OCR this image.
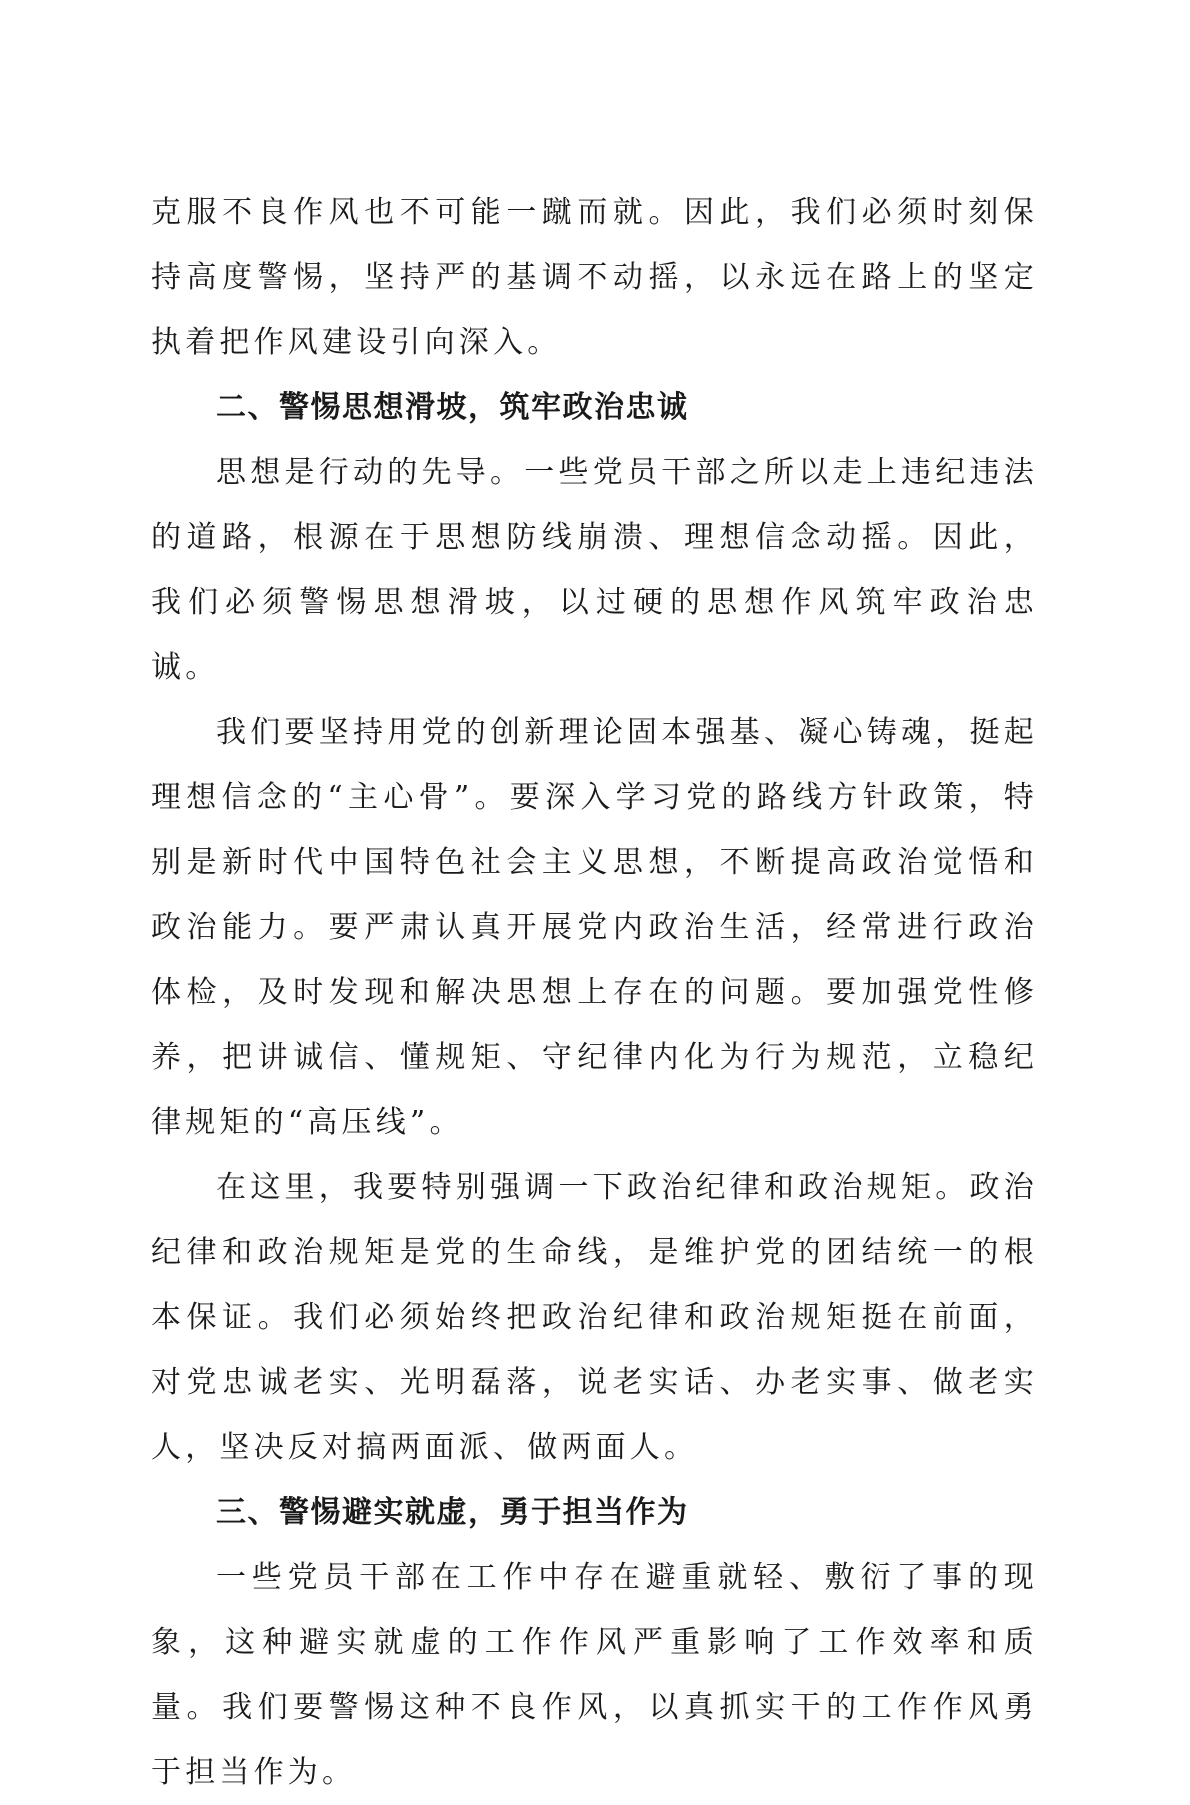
克服不良作风也不可能一蹴而就。因此，我们必须时刻保持高度警惕，坚持严的基调不动摇，以永远在路上的坚定执着把作风建设引向深入。

二、警惕思想滑坡，筑牢政治忠诚

思想是行动的先导。一些党员干部之所以走上违纪违法的道路，根源在于思想防线崩溃、理想信念动摇。因此，我们必须警惕思想滑坡，以过硬的思想作风筑牢政治忠诚。

我们要坚持用党的创新理论固本强基、凝心铸魂，挺起理想信念的“主心骨”。要深入学习党的路线方针政策，特别是新时代中国特色社会主义思想，不断提高政治觉悟和政治能力。要严肃认真开展党内政治生活，经常进行政治体检，及时发现和解决思想上存在的问题。要加强党性修养，把讲诚信、懂规矩、守纪律内化为行为规范，立稳纪律规矩的“高压线”。

在这里，我要特别强调一下政治纪律和政治规矩。政治纪律和政治规矩是党的生命线，是维护党的团结统一的根本保证。我们必须始终把政治纪律和政治规矩挺在前面，对党忠诚老实、光明磊落，说老实话、办老实事、做老实人，坚决反对搞两面派、做两面人。

三、警惕避实就虚，勇于担当作为

一些党员干部在工作中存在避重就轻、敷衍了事的现象，这种避实就虚的工作作风严重影响了工作效率和质量。我们要警惕这种不良作风，以真抓实干的工作作风勇于担当作为。
